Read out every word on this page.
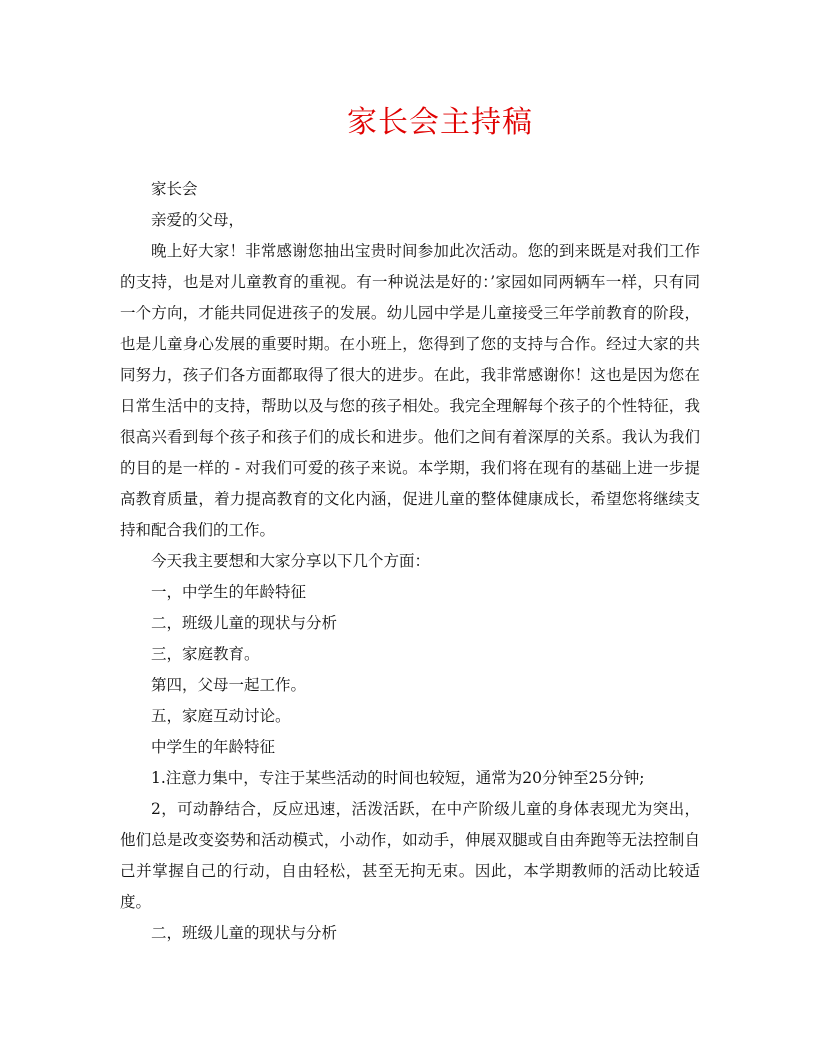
家长会主持稿

家长会

亲爱的父母，

晚上好大家！非常感谢您抽出宝贵时间参加此次活动。您的到来既是对我们工作的支持，也是对儿童教育的重视。有一种说法是好的：’家园如同两辆车一样，只有同一个方向，才能共同促进孩子的发展。幼儿园中学是儿童接受三年学前教育的阶段，也是儿童身心发展的重要时期。在小班上，您得到了您的支持与合作。经过大家的共同努力，孩子们各方面都取得了很大的进步。在此，我非常感谢你！这也是因为您在日常生活中的支持，帮助以及与您的孩子相处。我完全理解每个孩子的个性特征，我很高兴看到每个孩子和孩子们的成长和进步。他们之间有着深厚的关系。我认为我们的目的是一样的 - 对我们可爱的孩子来说。本学期，我们将在现有的基础上进一步提高教育质量，着力提高教育的文化内涵，促进儿童的整体健康成长，希望您将继续支持和配合我们的工作。

今天我主要想和大家分享以下几个方面：

一，中学生的年龄特征

二，班级儿童的现状与分析

三，家庭教育。

第四，父母一起工作。

五，家庭互动讨论。

中学生的年龄特征

1.注意力集中，专注于某些活动的时间也较短，通常为20分钟至25分钟;

2，可动静结合，反应迅速，活泼活跃，在中产阶级儿童的身体表现尤为突出，他们总是改变姿势和活动模式，小动作，如动手，伸展双腿或自由奔跑等无法控制自己并掌握自己的行动，自由轻松，甚至无拘无束。因此，本学期教师的活动比较适度。

二，班级儿童的现状与分析
